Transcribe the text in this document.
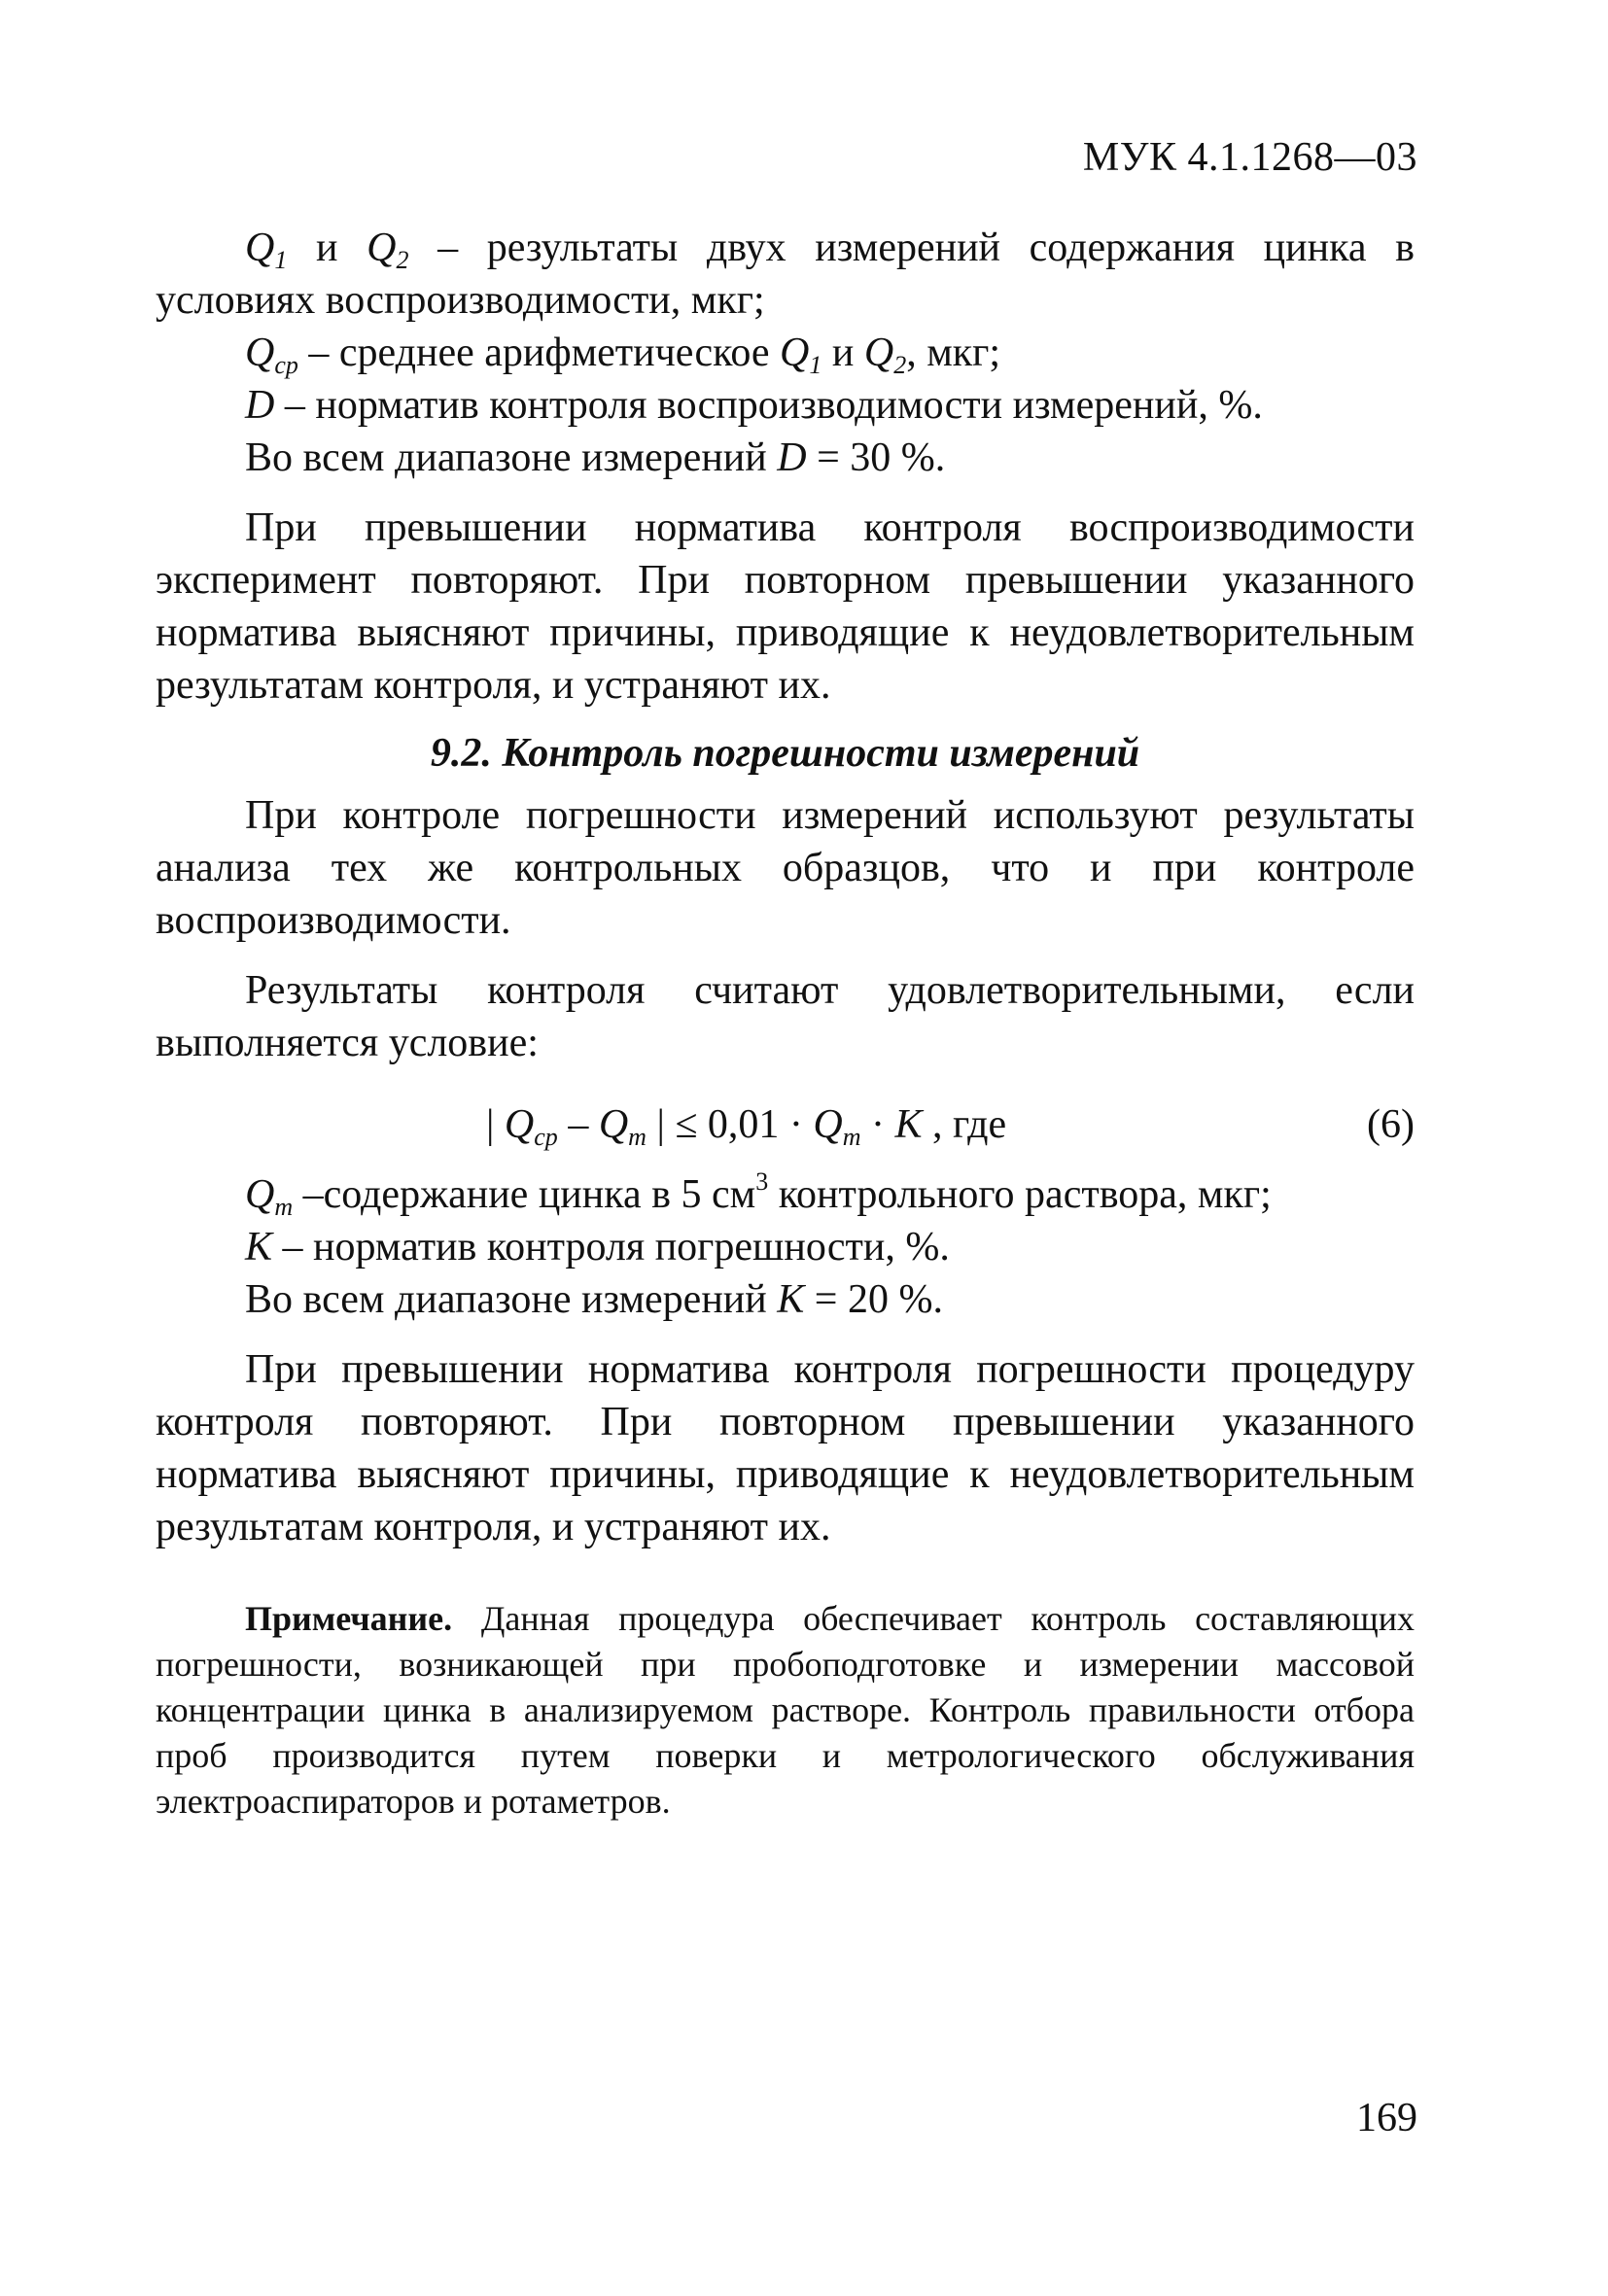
МУК 4.1.1268—03

$Q_1$ и $Q_2$ – результаты двух измерений содержания цинка в условиях воспроизводимости, мкг;

$Q_{ср}$ – среднее арифметическое $Q_1$ и $Q_2$, мкг;

D – норматив контроля воспроизводимости измерений, %.

Во всем диапазоне измерений D = 30 %.

При превышении норматива контроля воспроизводимости эксперимент повторяют. При повторном превышении указанного норматива выясняют причины, приводящие к неудовлетворительным результатам контроля, и устраняют их.

9.2. Контроль погрешности измерений

При контроле погрешности измерений используют результаты анализа тех же контрольных образцов, что и при контроле воспроизводимости.

Результаты контроля считают удовлетворительными, если выполняется условие:

| $Q_{ср} - Q_m$ | ≤ $0,01 \cdot Q_m \cdot K$ , где	(6)

$Q_m$ –содержание цинка в 5 $см^3$ контрольного раствора, мкг;

K – норматив контроля погрешности, %.

Во всем диапазоне измерений K = 20 %.

При превышении норматива контроля погрешности процедуру контроля повторяют. При повторном превышении указанного норматива выясняют причины, приводящие к неудовлетворительным результатам контроля, и устраняют их.

Примечание. Данная процедура обеспечивает контроль составляющих погрешности, возникающей при пробоподготовке и измерении массовой концентрации цинка в анализируемом растворе. Контроль правильности отбора проб производится путем поверки и метрологического обслуживания электроаспираторов и ротаметров.

169
